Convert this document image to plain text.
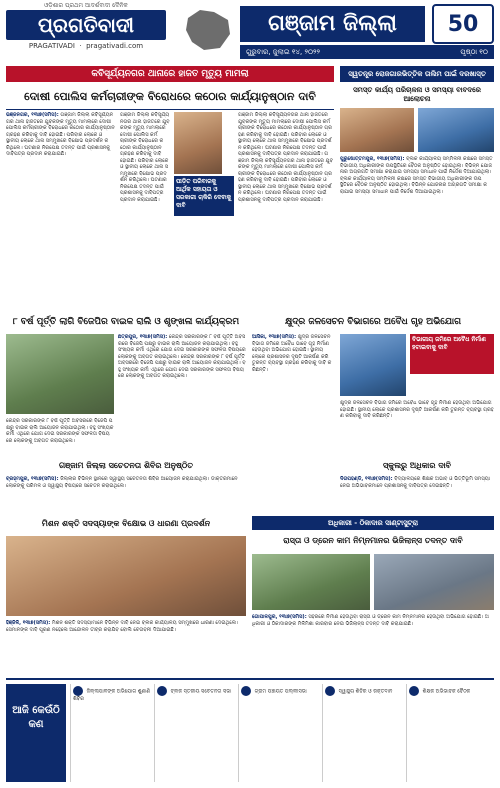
ଓଡ଼ିଶାର ପ୍ରଥମ ଆଦର୍ଶବାଦୀ ଦୈନିକ
ପ୍ରଗତିବାଦୀ
PRAGATIVADI  ·  pragativadi.com
ଗଞ୍ଜାମ ଜିଲ୍ଲା	50
ଗୁରୁବାର, ଜୁଲାଇ ୧୪, ୨୦୨୨	ପୃଷ୍ଠା ୧୦
କବିସୂର୍ଯ୍ୟନଗର ଥାନାରେ ହାଜତ ମୃତ୍ୟୁ ମାମଲା	ସ୍ୱତନ୍ତ୍ର ରୋଜଗାରଭିତ୍ତିକ ତାଲିମ ପାଇଁ ଦରଖାସ୍ତ
ଦୋଷୀ ପୋଲିସ କର୍ମଚାରୀଙ୍କ ବିରୋଧରେ କଠୋର କାର୍ଯ୍ୟାନୁଷ୍ଠାନ ଦାବି
ଭଞ୍ଜନଗର, ୧୩ା୭(ସମିସ): ଗଞ୍ଜାମ ଜିଲ୍ଲା କବିସୂର୍ଯ୍ୟନଗର ଥାନା ହାଜତରେ ଯୁବକଙ୍କ ମୃତ୍ୟୁ ମାମଲାରେ ଦୋଷୀ ପୋଲିସ କର୍ମଚାରୀଙ୍କ ବିରୋଧରେ କଠୋର କାର୍ଯ୍ୟାନୁଷ୍ଠାନ ଗ୍ରହଣ କରିବାକୁ ଦାବି ହୋଇଛି। ପରିବାର ଲୋକେ ଓ ସ୍ଥାନୀୟ ଲୋକେ ଥାନା ସମ୍ମୁଖରେ ବିକ୍ଷୋଭ ପ୍ରଦର୍ଶନ କରିଥିଲେ। ଘଟଣାର ନିରପେକ୍ଷ ତଦନ୍ତ ପାଇଁ ପ୍ରଶାସନକୁ ଦାବିପତ୍ର ପ୍ରଦାନ କରାଯାଇଛି।
ଗଞ୍ଜାମ ଜିଲ୍ଲା କବିସୂର୍ଯ୍ୟନଗର ଥାନା ହାଜତରେ ଯୁବକଙ୍କ ମୃତ୍ୟୁ ମାମଲାରେ ଦୋଷୀ ପୋଲିସ କର୍ମଚାରୀଙ୍କ ବିରୋଧରେ କଠୋର କାର୍ଯ୍ୟାନୁଷ୍ଠାନ ଗ୍ରହଣ କରିବାକୁ ଦାବି ହୋଇଛି। ପରିବାର ଲୋକେ ଓ ସ୍ଥାନୀୟ ଲୋକେ ଥାନା ସମ୍ମୁଖରେ ବିକ୍ଷୋଭ ପ୍ରଦର୍ଶନ କରିଥିଲେ। ଘଟଣାର ନିରପେକ୍ଷ ତଦନ୍ତ ପାଇଁ ପ୍ରଶାସନକୁ ଦାବିପତ୍ର ପ୍ରଦାନ କରାଯାଇଛି।
ପୀଡ଼ିତ ପରିବାରକୁ ଆର୍ଥିକ ସହାୟତା ଓ ସରକାରୀ ଚାକିରି ଦେବାକୁ ଦାବି
ଗଞ୍ଜାମ ଜିଲ୍ଲା କବିସୂର୍ଯ୍ୟନଗର ଥାନା ହାଜତରେ ଯୁବକଙ୍କ ମୃତ୍ୟୁ ମାମଲାରେ ଦୋଷୀ ପୋଲିସ କର୍ମଚାରୀଙ୍କ ବିରୋଧରେ କଠୋର କାର୍ଯ୍ୟାନୁଷ୍ଠାନ ଗ୍ରହଣ କରିବାକୁ ଦାବି ହୋଇଛି। ପରିବାର ଲୋକେ ଓ ସ୍ଥାନୀୟ ଲୋକେ ଥାନା ସମ୍ମୁଖରେ ବିକ୍ଷୋଭ ପ୍ରଦର୍ଶନ କରିଥିଲେ। ଘଟଣାର ନିରପେକ୍ଷ ତଦନ୍ତ ପାଇଁ ପ୍ରଶାସନକୁ ଦାବିପତ୍ର ପ୍ରଦାନ କରାଯାଇଛି। ଗଞ୍ଜାମ ଜିଲ୍ଲା କବିସୂର୍ଯ୍ୟନଗର ଥାନା ହାଜତରେ ଯୁବକଙ୍କ ମୃତ୍ୟୁ ମାମଲାରେ ଦୋଷୀ ପୋଲିସ କର୍ମଚାରୀଙ୍କ ବିରୋଧରେ କଠୋର କାର୍ଯ୍ୟାନୁଷ୍ଠାନ ଗ୍ରହଣ କରିବାକୁ ଦାବି ହୋଇଛି। ପରିବାର ଲୋକେ ଓ ସ୍ଥାନୀୟ ଲୋକେ ଥାନା ସମ୍ମୁଖରେ ବିକ୍ଷୋଭ ପ୍ରଦର୍ଶନ କରିଥିଲେ। ଘଟଣାର ନିରପେକ୍ଷ ତଦନ୍ତ ପାଇଁ ପ୍ରଶାସନକୁ ଦାବିପତ୍ର ପ୍ରଦାନ କରାଯାଇଛି।
ସମସ୍ତ କାର୍ଯ୍ୟ ପରିଚାଳନା ଓ ସମସ୍ୟା ବାବଦରେ ଆଲୋଚନା
ପୁରୁଷୋତ୍ତମପୁର, ୧୩ା୭(ସମିସ): ବ୍ଲକ କାର୍ଯ୍ୟାଳୟ ସମ୍ମିଳନୀ କକ୍ଷରେ ସମସ୍ତ ବିଭାଗୀୟ ଅଧିକାରୀଙ୍କ ଉପସ୍ଥିତିରେ ବୈଠକ ଅନୁଷ୍ଠିତ ହୋଇଥିଲା। ବିଭିନ୍ନ ଯୋଜନାର ଅଗ୍ରଗତି ସମୀକ୍ଷା କରାଯାଇ ସମସ୍ୟା ସମାଧାନ ପାଇଁ ନିର୍ଦ୍ଦେଶ ଦିଆଯାଇଥିଲା। ବ୍ଲକ କାର୍ଯ୍ୟାଳୟ ସମ୍ମିଳନୀ କକ୍ଷରେ ସମସ୍ତ ବିଭାଗୀୟ ଅଧିକାରୀଙ୍କ ଉପସ୍ଥିତିରେ ବୈଠକ ଅନୁଷ୍ଠିତ ହୋଇଥିଲା। ବିଭିନ୍ନ ଯୋଜନାର ଅଗ୍ରଗତି ସମୀକ୍ଷା କରାଯାଇ ସମସ୍ୟା ସମାଧାନ ପାଇଁ ନିର୍ଦ୍ଦେଶ ଦିଆଯାଇଥିଲା।
୮ ବର୍ଷ ପୂର୍ତ୍ତି ଲାଗି ବିଜେପିର ବାଇକ ରାଲି ଓ ଶୃଙ୍ଖଳା କାର୍ଯ୍ୟକ୍ରମ
ଛତ୍ରପୁର, ୧୩ା୭(ସମିସ): କେନ୍ଦ୍ର ସରକାରଙ୍କ ୮ ବର୍ଷ ପୂର୍ତ୍ତି ଅବସରରେ ବିଜେପି ପକ୍ଷରୁ ବାଇକ ରାଲି ଆୟୋଜନ କରାଯାଇଥିଲା। ବହୁ ସଂଖ୍ୟକ କର୍ମୀ ଏଥିରେ ଯୋଗ ଦେଇ ସରକାରଙ୍କ ସଫଳତା ବିଷୟରେ ଲୋକଙ୍କୁ ଅବଗତ କରାଇଥିଲେ। କେନ୍ଦ୍ର ସରକାରଙ୍କ ୮ ବର୍ଷ ପୂର୍ତ୍ତି ଅବସରରେ ବିଜେପି ପକ୍ଷରୁ ବାଇକ ରାଲି ଆୟୋଜନ କରାଯାଇଥିଲା। ବହୁ ସଂଖ୍ୟକ କର୍ମୀ ଏଥିରେ ଯୋଗ ଦେଇ ସରକାରଙ୍କ ସଫଳତା ବିଷୟରେ ଲୋକଙ୍କୁ ଅବଗତ କରାଇଥିଲେ।
କେନ୍ଦ୍ର ସରକାରଙ୍କ ୮ ବର୍ଷ ପୂର୍ତ୍ତି ଅବସରରେ ବିଜେପି ପକ୍ଷରୁ ବାଇକ ରାଲି ଆୟୋଜନ କରାଯାଇଥିଲା। ବହୁ ସଂଖ୍ୟକ କର୍ମୀ ଏଥିରେ ଯୋଗ ଦେଇ ସରକାରଙ୍କ ସଫଳତା ବିଷୟରେ ଲୋକଙ୍କୁ ଅବଗତ କରାଇଥିଲେ।
କ୍ଷୁଦ୍ର ଜଳସେଚନ ବିଭାଗରେ ଅବୈଧ ଗୃହ ଅଭିଯୋଗ
ବିଭାଗୀୟ ଜମିରେ ଅବୈଧ ନିର୍ମାଣ ହଟାଇବାକୁ ଦାବି
ଆସିକା, ୧୩ା୭(ସମିସ): କ୍ଷୁଦ୍ର ଜଳସେଚନ ବିଭାଗ ଜମିରେ ଅବୈଧ ଭାବେ ଗୃହ ନିର୍ମାଣ ହେଉଥିବା ଅଭିଯୋଗ ହୋଇଛି। ସ୍ଥାନୀୟ ଲୋକେ ପ୍ରଶାସନର ଦୃଷ୍ଟି ଆକର୍ଷଣ କରି ତୁରନ୍ତ ବ୍ୟବସ୍ଥା ଗ୍ରହଣ କରିବାକୁ ଦାବି କରିଛନ୍ତି।
କ୍ଷୁଦ୍ର ଜଳସେଚନ ବିଭାଗ ଜମିରେ ଅବୈଧ ଭାବେ ଗୃହ ନିର୍ମାଣ ହେଉଥିବା ଅଭିଯୋଗ ହୋଇଛି। ସ୍ଥାନୀୟ ଲୋକେ ପ୍ରଶାସନର ଦୃଷ୍ଟି ଆକର୍ଷଣ କରି ତୁରନ୍ତ ବ୍ୟବସ୍ଥା ଗ୍ରହଣ କରିବାକୁ ଦାବି କରିଛନ୍ତି।
ଗଞ୍ଜାମ ଜିଲ୍ଲା ସଚେତନତା ଶିବିର ଅନୁଷ୍ଠିତ
ବ୍ରହ୍ମପୁର, ୧୩ା୭(ସମିସ): ଜିଲ୍ଲାର ବିଭିନ୍ନ ସ୍ଥାନରେ ସ୍ୱାସ୍ଥ୍ୟ ସଚେତନତା ଶିବିର ଆୟୋଜନ କରାଯାଇଥିଲା। ଡାକ୍ତରମାନେ ଲୋକଙ୍କୁ ପରିମଳ ଓ ସ୍ୱାସ୍ଥ୍ୟ ବିଷୟରେ ସଚେତନ କରାଇଥିଲେ।
ସ୍କୁଲରୁ ଅଧିକାର ଦାବି
ଦିଗପହଣ୍ଡି, ୧୩ା୭(ସମିସ): ବିଦ୍ୟାଳୟରେ ଶିକ୍ଷକ ଅଭାବ ଓ ଭିତ୍ତିଭୂମି ସମସ୍ୟା ନେଇ ଅଭିଭାବକମାନେ ପ୍ରଶାସନକୁ ଦାବିପତ୍ର ଦେଇଛନ୍ତି।
ମିଶନ ଶକ୍ତି ସଦସ୍ୟାଙ୍କ ବିକ୍ଷୋଭ ଓ ଧାରଣା ପ୍ରଦର୍ଶନ
ହିଞ୍ଜିଳି, ୧୩ା୭(ସମିସ): ମିଶନ ଶକ୍ତି ସଦସ୍ୟାମାନେ ବିଭିନ୍ନ ଦାବି ନେଇ ବ୍ଲକ କାର୍ଯ୍ୟାଳୟ ସମ୍ମୁଖରେ ଧାରଣା ଦେଇଥିଲେ। ସେମାନଙ୍କ ଦାବି ପୂରଣ ନହେଲେ ଆନ୍ଦୋଳନ ତୀବ୍ର କରାଯିବ ବୋଲି ଚେତାବନୀ ଦିଆଯାଇଛି।
ଅଧିକାରୀ - ଠିକାଦାର ସାଣ୍ଟାସୁଟ୍ରା
ରାସ୍ତା ଓ ଡ୍ରେନ କାମ ନିମ୍ନମାନର ଭିଜିଲାନ୍ସ ତଦନ୍ତ ଦାବି
ଗୋପାଳପୁର, ୧୩ା୭(ସମିସ): ସହରରେ ନିର୍ମାଣ ହେଉଥିବା ରାସ୍ତା ଓ ଡ୍ରେନ କାମ ନିମ୍ନମାନର ହେଉଥିବା ଅଭିଯୋଗ ହୋଇଛି। ଅଧିକାରୀ ଓ ଠିକାଦାରଙ୍କ ମିଳିମିଶା କାରବାର ନେଇ ଭିଜିଲାନ୍ସ ତଦନ୍ତ ଦାବି କରାଯାଇଛି।
ଆଜି କେଉଁଠି କଣ
ଜିଲ୍ଲାପାଳଙ୍କ ଅଭିଯୋଗ ଶୁଣାଣି ଶିବିର
ବ୍ଲକ ସ୍ତରୀୟ ସଚେତନତା ସଭା	ଗ୍ରାମ ପଞ୍ଚାୟତ ପଲ୍ଲୀସଭା	ସ୍ୱାସ୍ଥ୍ୟ ଶିବିର ଓ ରକ୍ତଦାନ	ଶିକ୍ଷକ ଅଭିଭାବକ ବୈଠକ
